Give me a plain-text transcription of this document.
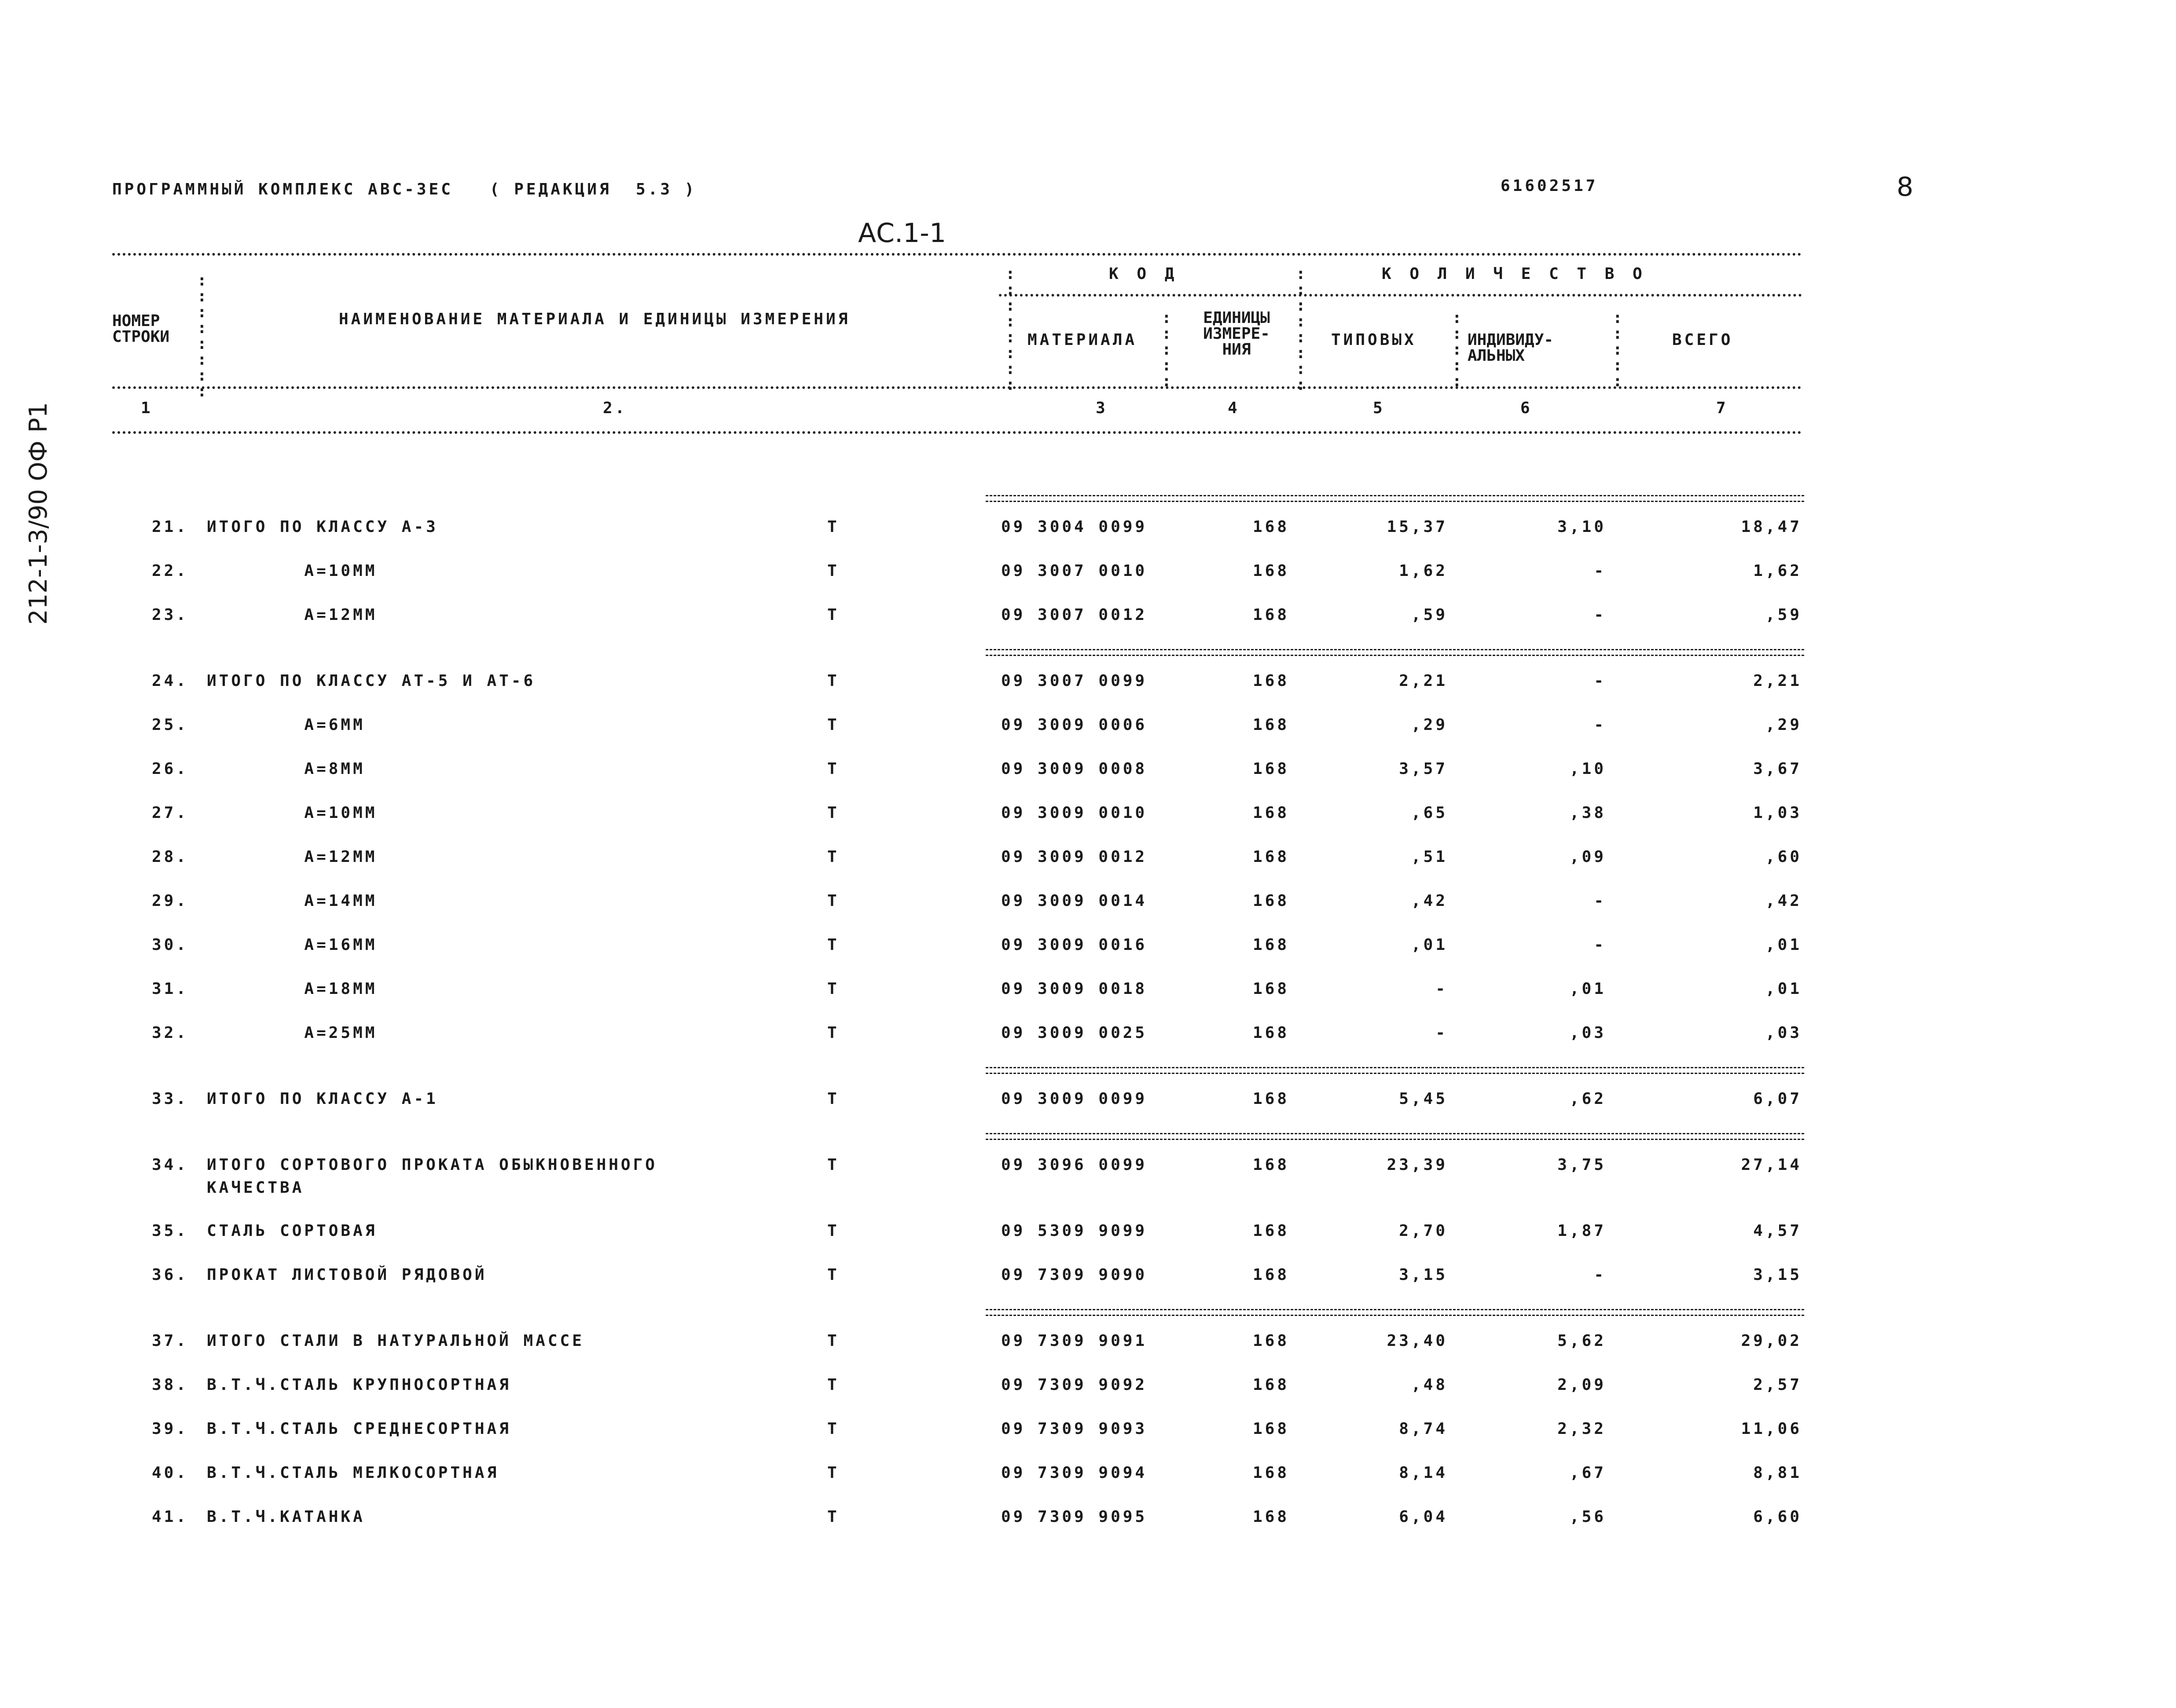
ПРОГРАММНЫЙ КОМПЛЕКС АВС-3ЕС   ( РЕДАКЦИЯ  5.3 )	61602517	8
АС.1-1
212-1-3/90 ОФ Р1
НОМЕР
СТРОКИ
НАИМЕНОВАНИЕ МАТЕРИАЛА И ЕДИНИЦЫ ИЗМЕРЕНИЯ
К О Д	К О Л И Ч Е С Т В О
МАТЕРИАЛА
ЕДИНИЦЫ
ИЗМЕРЕ-
НИЯ
ТИПОВЫХ	ИНДИВИДУ-
АЛЬНЫХ
ВСЕГО
1	2.	3	4	5	6	7
:
:
:
:
:
:
:
:
:
:
:
:
:
:
:
:
:
:
:
:
:
:
:
:
:
:
:
:
:
:
:
:
:
:
:
:
:
:
:
21. ИТОГО ПО КЛАССУ А-3	Т	09 3004 0099	168	15,37	3,10	18,47
22. А=10ММ	Т	09 3007 0010	168	1,62	-	1,62
23. А=12ММ	Т	09 3007 0012	168	,59	-	,59
24. ИТОГО ПО КЛАССУ АТ-5 И АТ-6	Т	09 3007 0099	168	2,21	-	2,21
25. А=6ММ	Т	09 3009 0006	168	,29	-	,29
26. А=8ММ	Т	09 3009 0008	168	3,57	,10	3,67
27. А=10ММ	Т	09 3009 0010	168	,65	,38	1,03
28. А=12ММ	Т	09 3009 0012	168	,51	,09	,60
29. А=14ММ	Т	09 3009 0014	168	,42	-	,42
30. А=16ММ	Т	09 3009 0016	168	,01	-	,01
31. А=18ММ	Т	09 3009 0018	168	-	,01	,01
32. А=25ММ	Т	09 3009 0025	168	-	,03	,03
33. ИТОГО ПО КЛАССУ А-1	Т	09 3009 0099	168	5,45	,62	6,07
34. ИТОГО СОРТОВОГО ПРОКАТА ОБЫКНОВЕННОГО
КАЧЕСТВА
Т	09 3096 0099	168	23,39	3,75	27,14
35. СТАЛЬ СОРТОВАЯ	Т	09 5309 9099	168	2,70	1,87	4,57
36. ПРОКАТ ЛИСТОВОЙ РЯДОВОЙ	Т	09 7309 9090	168	3,15	-	3,15
37. ИТОГО СТАЛИ В НАТУРАЛЬНОЙ МАССЕ	Т	09 7309 9091	168	23,40	5,62	29,02
38. В.Т.Ч.СТАЛЬ КРУПНОСОРТНАЯ	Т	09 7309 9092	168	,48	2,09	2,57
39. В.Т.Ч.СТАЛЬ СРЕДНЕСОРТНАЯ	Т	09 7309 9093	168	8,74	2,32	11,06
40. В.Т.Ч.СТАЛЬ МЕЛКОСОРТНАЯ	Т	09 7309 9094	168	8,14	,67	8,81
41. В.Т.Ч.КАТАНКА	Т	09 7309 9095	168	6,04	,56	6,60
